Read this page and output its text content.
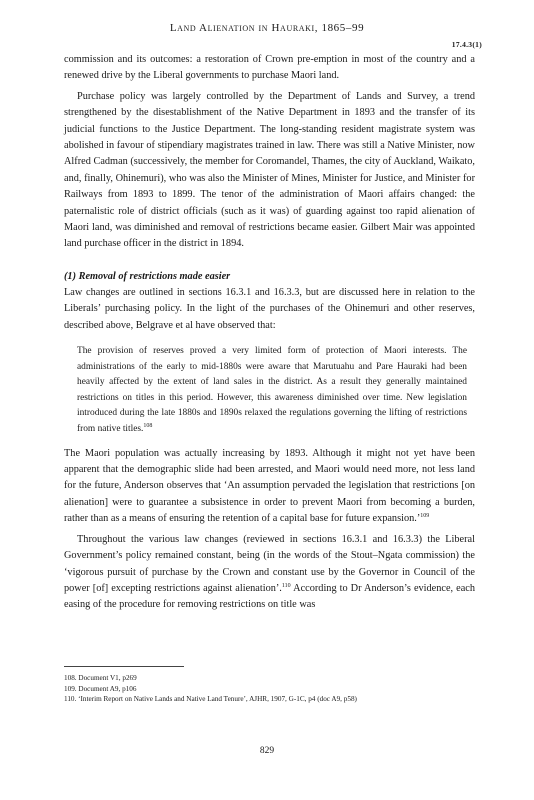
Land Alienation in Hauraki, 1865–99
17.4.3(1)

commission and its outcomes: a restoration of Crown pre-emption in most of the country and a renewed drive by the Liberal governments to purchase Maori land.

Purchase policy was largely controlled by the Department of Lands and Survey, a trend strengthened by the disestablishment of the Native Department in 1893 and the transfer of its judicial functions to the Justice Department. The long-standing resident magistrate system was abolished in favour of stipendiary magistrates trained in law. There was still a Native Minister, now Alfred Cadman (successively, the member for Coromandel, Thames, the city of Auckland, Waikato, and, finally, Ohinemuri), who was also the Minister of Mines, Minister for Justice, and Minister for Railways from 1893 to 1899. The tenor of the administration of Maori affairs changed: the paternalistic role of district officials (such as it was) of guarding against too rapid alienation of Maori land, was diminished and removal of restrictions became easier. Gilbert Mair was appointed land purchase officer in the district in 1894.

(1) Removal of restrictions made easier

Law changes are outlined in sections 16.3.1 and 16.3.3, but are discussed here in relation to the Liberals’ purchasing policy. In the light of the purchases of the Ohinemuri and other reserves, described above, Belgrave et al have observed that:

The provision of reserves proved a very limited form of protection of Maori interests. The administrations of the early to mid-1880s were aware that Marutuahu and Pare Hauraki had been heavily affected by the extent of land sales in the district. As a result they generally maintained restrictions on titles in this period. However, this awareness diminished over time. New legislation introduced during the late 1880s and 1890s relaxed the regulations governing the lifting of restrictions from native titles.$^{108}$

The Maori population was actually increasing by 1893. Although it might not yet have been apparent that the demographic slide had been arrested, and Maori would need more, not less land for the future, Anderson observes that ‘An assumption pervaded the legislation that restrictions [on alienation] were to guarantee a subsistence in order to prevent Maori from becoming a burden, rather than as a means of ensuring the retention of a capital base for future expansion.’$^{109}$

Throughout the various law changes (reviewed in sections 16.3.1 and 16.3.3) the Liberal Government’s policy remained constant, being (in the words of the Stout–Ngata commission) the ‘vigorous pursuit of purchase by the Crown and constant use by the Governor in Council of the power [of] excepting restrictions against alienation’.$^{110}$ According to Dr Anderson’s evidence, each easing of the procedure for removing restrictions on title was

108. Document V1, p269
109. Document A9, p106
110. ‘Interim Report on Native Lands and Native Land Tenure’, AJHR, 1907, G-1C, p4 (doc A9, p58)
829
